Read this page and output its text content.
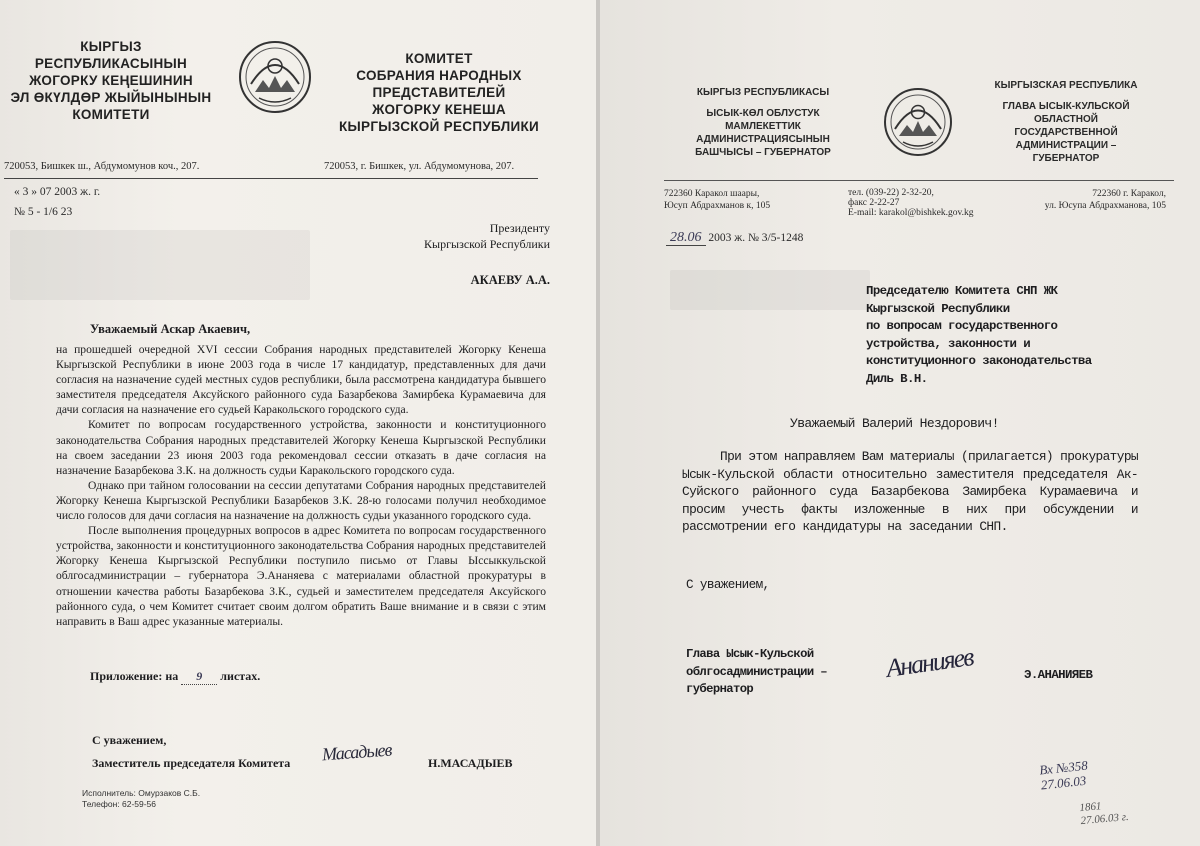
КЫРГЫЗ
РЕСПУБЛИКАСЫНЫН
ЖОГОРКУ КЕҢЕШИНИН
ЭЛ ӨКҮЛДӨР ЖЫЙЫНЫНЫН
КОМИТЕТИ
КОМИТЕТ
СОБРАНИЯ НАРОДНЫХ
ПРЕДСТАВИТЕЛЕЙ
ЖОГОРКУ КЕНЕША
КЫРГЫЗСКОЙ РЕСПУБЛИКИ
720053, Бишкек ш., Абдумомунов коч., 207.	720053, г. Бишкек, ул. Абдумомунова, 207.
« 3 » 07 2003 ж. г.
№ 5 - 1/6 23
Президенту
Кыргызской Республики
АКАЕВУ А.А.
Уважаемый Аскар Акаевич,

на прошедшей очередной XVI сессии Собрания народных представителей Жогорку Кенеша Кыргызской Республики в июне 2003 года в числе 17 кандидатур, представленных для дачи согласия на назначение судей местных судов республики, была рассмотрена кандидатура бывшего заместителя председателя Аксуйского районного суда Базарбекова Замирбека Курамаевича для дачи согласия на назначение его судьей Каракольского городского суда.

Комитет по вопросам государственного устройства, законности и конституционного законодательства Собрания народных представителей Жогорку Кенеша Кыргызской Республики на своем заседании 23 июня 2003 года рекомендовал сессии отказать в даче согласия на назначение Базарбекова З.К. на должность судьи Каракольского городского суда.

Однако при тайном голосовании на сессии депутатами Собрания народных представителей Жогорку Кенеша Кыргызской Республики Базарбеков З.К. 28-ю голосами получил необходимое число голосов для дачи согласия на назначение на должность судьи указанного городского суда.

После выполнения процедурных вопросов в адрес Комитета по вопросам государственного устройства, законности и конституционного законодательства Собрания народных представителей Жогорку Кенеша Кыргызской Республики поступило письмо от Главы Ыссыккульской облгосадминистрации – губернатора Э.Ананяева с материалами областной прокуратуры в отношении качества работы Базарбекова З.К., судьей и заместителем председателя Аксуйского районного суда, о чем Комитет считает своим долгом обратить Ваше внимание и в связи с этим направить в Ваш адрес указанные материалы.

Приложение: на 9 листах.
С уважением,
Заместитель председателя Комитета Масадыев	Н.МАСАДЫЕВ
Исполнитель: Омурзаков С.Б.
Телефон: 62-59-56
КЫРГЫЗ РЕСПУБЛИКАСЫ
ЫСЫК-КӨЛ ОБЛУСТУК
МАМЛЕКЕТТИК
АДМИНИСТРАЦИЯСЫНЫН
БАШЧЫСЫ – ГУБЕРНАТОР
КЫРГЫЗСКАЯ РЕСПУБЛИКА
ГЛАВА ЫСЫК-КУЛЬСКОЙ
ОБЛАСТНОЙ
ГОСУДАРСТВЕННОЙ
АДМИНИСТРАЦИИ –
ГУБЕРНАТОР
722360 Каракол шаары,
Юсуп Абдрахманов к, 105
тел. (039-22) 2-32-20,
факс 2-22-27
E-mail: karakol@bishkek.gov.kg
722360 г. Каракол,
ул. Юсупа Абдрахманова, 105
28.06 2003 ж. № 3/5-1248
Председателю Комитета СНП ЖК
Кыргызской Республики
по вопросам государственного
устройства, законности и
конституционного законодательства
Диль В.Н.
Уважаемый Валерий Нездорович!

При этом направляем Вам материалы (прилагается) прокуратуры Ысык-Кульской области относительно заместителя председателя Ак-Суйского районного суда Базарбекова Замирбека Курамаевича и просим учесть факты изложенные в них при обсуждении и рассмотрении его кандидатуры на заседании СНП.

С уважением,
Глава Ысык-Кульской
облгосадминистрации –
губернатор
Ананияев	Э.АНАНИЯЕВ
Вх №358
27.06.03
1861
27.06.03 г.
